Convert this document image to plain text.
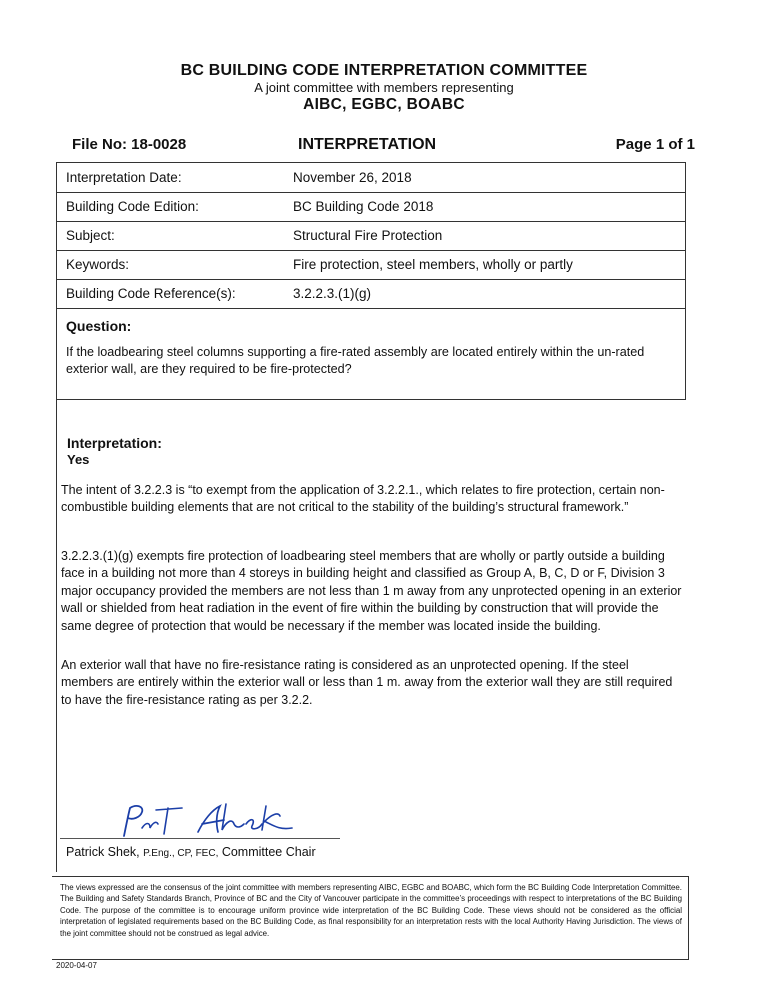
BC BUILDING CODE INTERPRETATION COMMITTEE
A joint committee with members representing
AIBC, EGBC, BOABC
File No: 18-0028	INTERPRETATION	Page 1 of 1
Interpretation Date:	November 26, 2018
Building Code Edition:	BC Building Code 2018
Subject:	Structural Fire Protection
Keywords:	Fire protection, steel members, wholly or partly
Building Code Reference(s):	3.2.2.3.(1)(g)
Question:
If the loadbearing steel columns supporting a fire-rated assembly are located entirely within the un-rated exterior wall, are they required to be fire-protected?
Interpretation:
Yes
The intent of 3.2.2.3 is “to exempt from the application of 3.2.2.1., which relates to fire protection, certain non-combustible building elements that are not critical to the stability of the building’s structural framework.”
3.2.2.3.(1)(g) exempts fire protection of loadbearing steel members that are wholly or partly outside a building face in a building not more than 4 storeys in building height and classified as Group A, B, C, D or F, Division 3 major occupancy provided the members are not less than 1 m away from any unprotected opening in an exterior wall or shielded from heat radiation in the event of fire within the building by construction that will provide the same degree of protection that would be necessary if the member was located inside the building.
An exterior wall that have no fire-resistance rating is considered as an unprotected opening. If the steel members are entirely within the exterior wall or less than 1 m. away from the exterior wall they are still required to have the fire-resistance rating as per 3.2.2.
Patrick Shek, P.Eng., CP, FEC, Committee Chair
The views expressed are the consensus of the joint committee with members representing AIBC, EGBC and BOABC, which form the BC Building Code Interpretation Committee. The Building and Safety Standards Branch, Province of BC and the City of Vancouver participate in the committee’s proceedings with respect to interpretations of the BC Building Code. The purpose of the committee is to encourage uniform province wide interpretation of the BC Building Code. These views should not be considered as the official interpretation of legislated requirements based on the BC Building Code, as final responsibility for an interpretation rests with the local Authority Having Jurisdiction. The views of the joint committee should not be construed as legal advice.
2020-04-07
